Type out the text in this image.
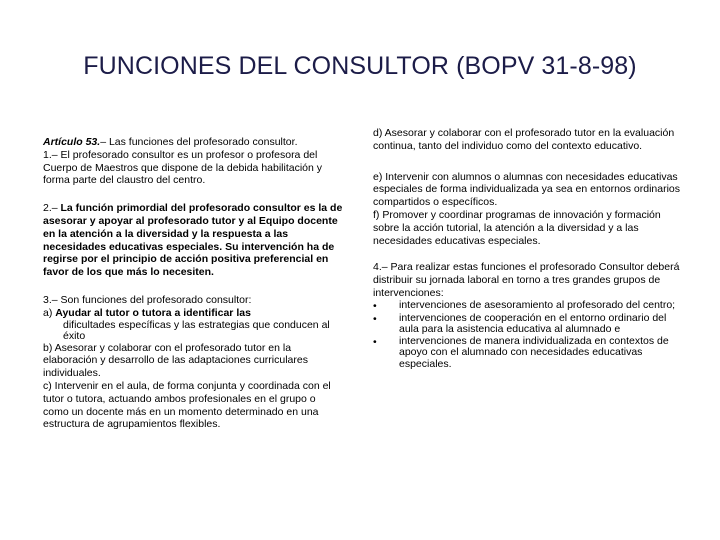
FUNCIONES DEL CONSULTOR (BOPV 31-8-98)

Artículo 53.– Las funciones del profesorado consultor.

1.– El profesorado consultor es un profesor o profesora del Cuerpo de Maestros que dispone de la debida habilitación y forma parte del claustro del centro.

2.– La función primordial del profesorado consultor es la de asesorar y apoyar al profesorado tutor y al Equipo docente en la atención a la diversidad y la respuesta a las necesidades educativas especiales. Su intervención ha de regirse por el principio de acción positiva preferencial en favor de los que más lo necesiten.

3.– Son funciones del profesorado consultor:

a) Ayudar al tutor o tutora a identificar las

dificultades específicas y las estrategias que conducen al éxito

b) Asesorar y colaborar con el profesorado tutor en la elaboración y desarrollo de las adaptaciones curriculares individuales.

c) Intervenir en el aula, de forma conjunta y coordinada con el tutor o tutora, actuando ambos profesionales en el grupo o como un docente más en un momento determinado en una estructura de agrupamientos flexibles.

d) Asesorar y colaborar con el profesorado tutor en la evaluación continua, tanto del individuo como del contexto educativo.

e) Intervenir con alumnos o alumnas con necesidades educativas especiales de forma individualizada ya sea en entornos ordinarios compartidos o específicos.

f) Promover y coordinar programas de innovación y formación sobre la acción tutorial, la atención a la diversidad y a las necesidades educativas especiales.

4.– Para realizar estas funciones el profesorado Consultor deberá distribuir su jornada laboral en torno a tres grandes grupos de intervenciones:

•	intervenciones de asesoramiento al profesorado del centro;
•	intervenciones de cooperación en el entorno ordinario del aula para la asistencia educativa al alumnado e
•	intervenciones de manera individualizada en contextos de apoyo con el alumnado con necesidades educativas especiales.
